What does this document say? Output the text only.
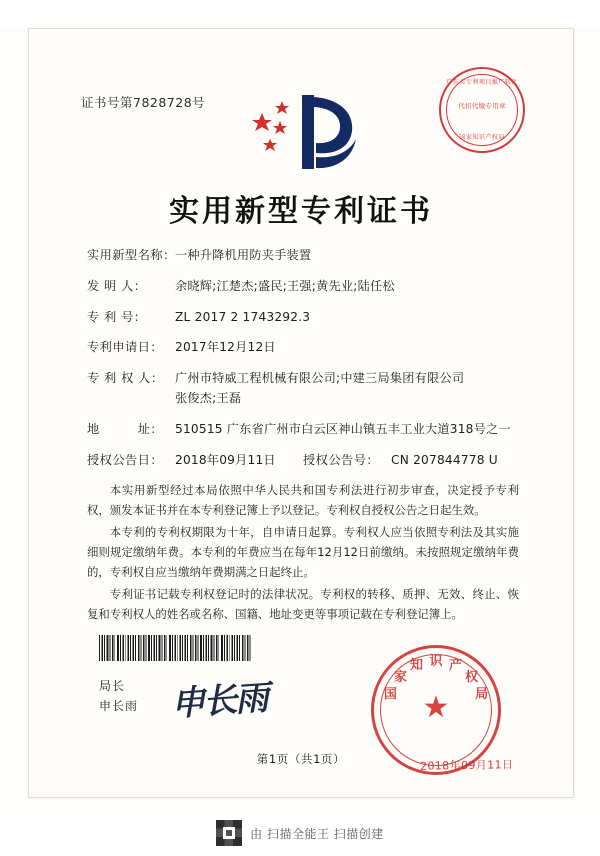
证书号第7828728号
广东省专利项目推广转化
代扣代缴专用章
国家知识产权局
实用新型专利证书
实用新型名称： 一种升降机用防夹手装置
发 明 人：	余晓辉;江楚杰;盛民;王强;黄先业;陆任松
专 利 号：	ZL 2017 2 1743292.3
专利申请日： 2017年12月12日
专 利 权 人： 广州市特威工程机械有限公司;中建三局集团有限公司
张俊杰;王磊
地　　　址： 510515 广东省广州市白云区神山镇五丰工业大道318号之一
授权公告日： 2018年09月11日	授权公告号： CN 207844778 U

本实用新型经过本局依照中华人民共和国专利法进行初步审查，决定授予专利权，颁发本证书并在本专利登记簿上予以登记。专利权自授权公告之日起生效。

本专利的专利权期限为十年，自申请日起算。专利权人应当依照专利法及其实施细则规定缴纳年费。本专利的年费应当在每年12月12日前缴纳。未按照规定缴纳年费的，专利权自应当缴纳年费期满之日起终止。

专利证书记载专利权登记时的法律状况。专利权的转移、质押、无效、终止、恢复和专利权人的姓名或名称、国籍、地址变更等事项记载在专利登记簿上。

局长
申长雨 申长雨	★
国
家
知 识 产
权
局
2018年09月11日
第1页（共1页）
由 扫描全能王 扫描创建
